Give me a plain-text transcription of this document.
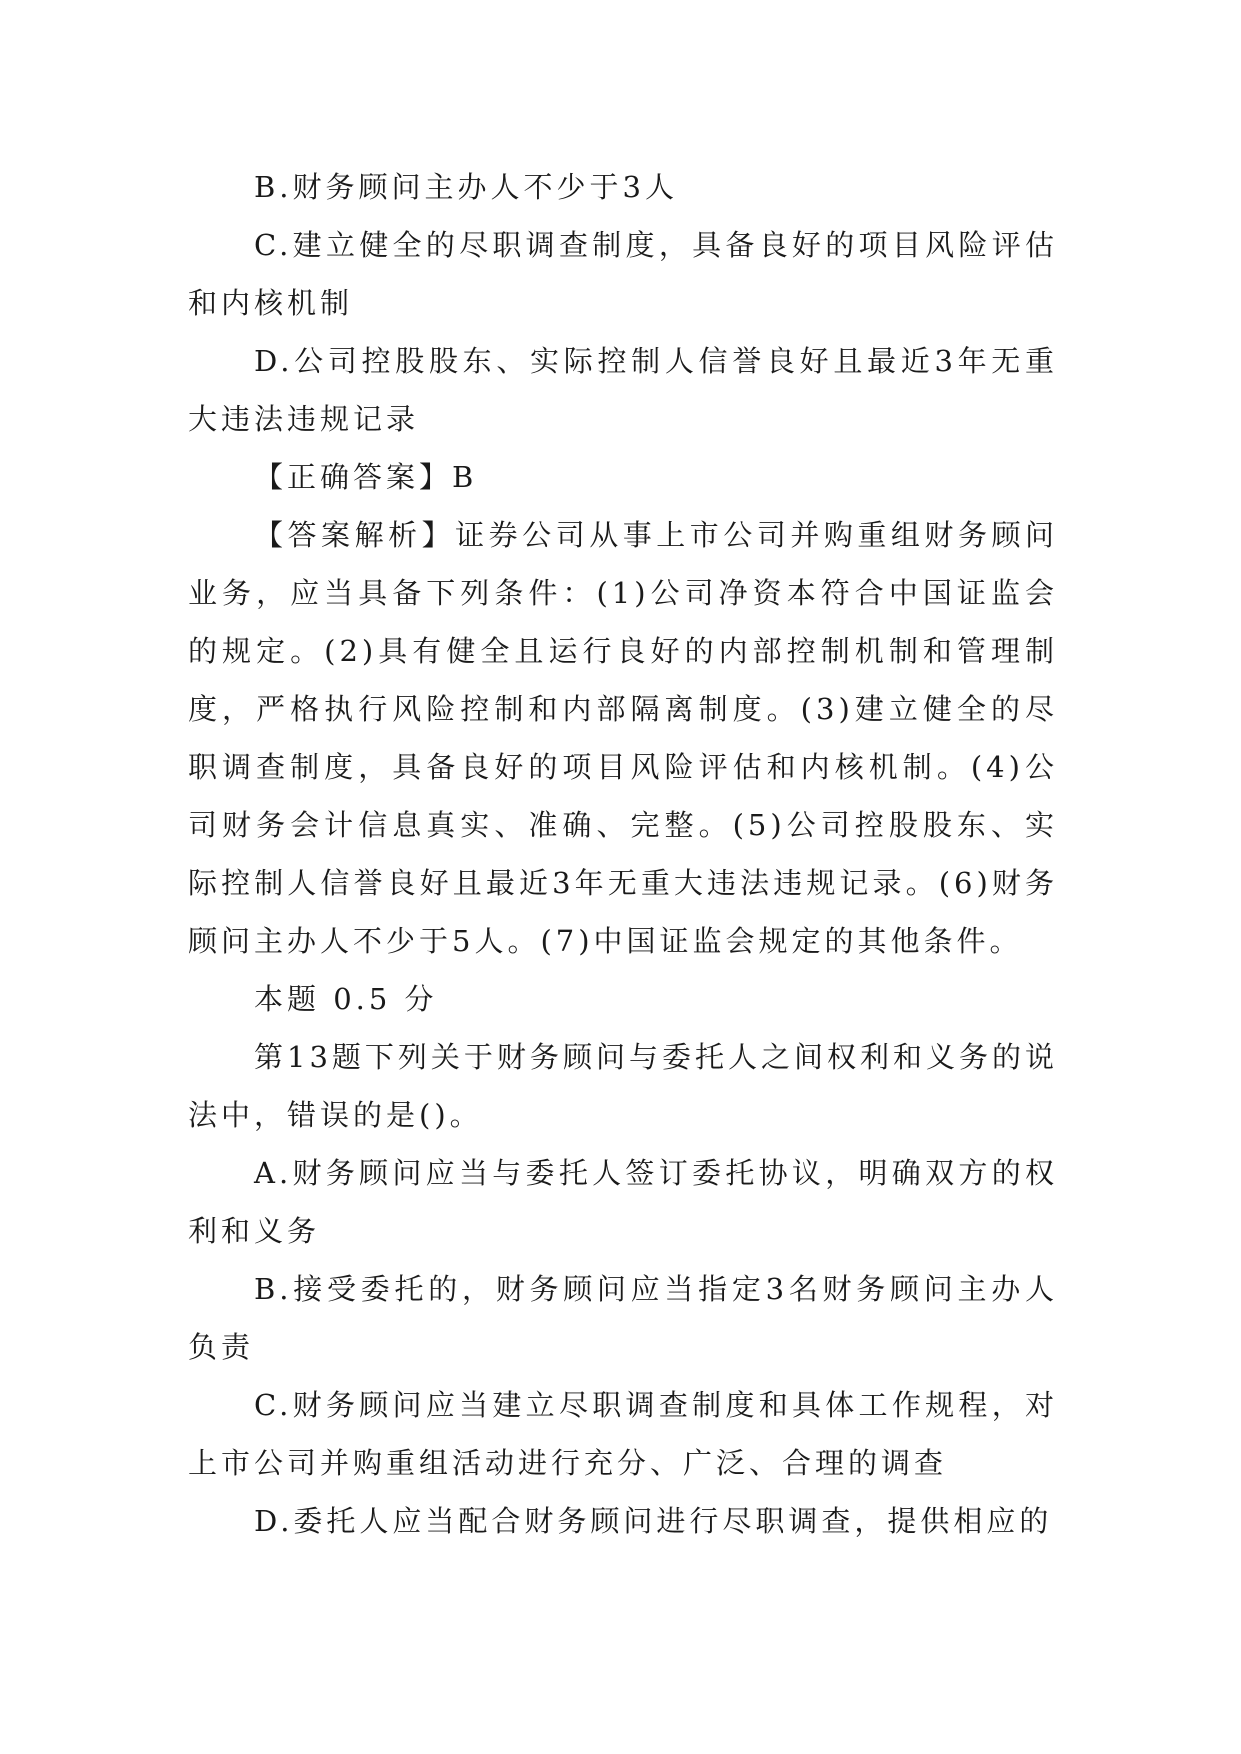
B.财务顾问主办人不少于3人

C.建立健全的尽职调查制度，具备良好的项目风险评估和内核机制

D.公司控股股东、实际控制人信誉良好且最近3年无重大违法违规记录

【正确答案】B

【答案解析】证券公司从事上市公司并购重组财务顾问业务，应当具备下列条件：(1)公司净资本符合中国证监会的规定。(2)具有健全且运行良好的内部控制机制和管理制度，严格执行风险控制和内部隔离制度。(3)建立健全的尽职调查制度，具备良好的项目风险评估和内核机制。(4)公司财务会计信息真实、准确、完整。(5)公司控股股东、实际控制人信誉良好且最近3年无重大违法违规记录。(6)财务顾问主办人不少于5人。(7)中国证监会规定的其他条件。

本题 0.5 分

第13题下列关于财务顾问与委托人之间权利和义务的说法中，错误的是()。

A.财务顾问应当与委托人签订委托协议，明确双方的权利和义务

B.接受委托的，财务顾问应当指定3名财务顾问主办人负责

C.财务顾问应当建立尽职调查制度和具体工作规程，对上市公司并购重组活动进行充分、广泛、合理的调查

D.委托人应当配合财务顾问进行尽职调查，提供相应的
